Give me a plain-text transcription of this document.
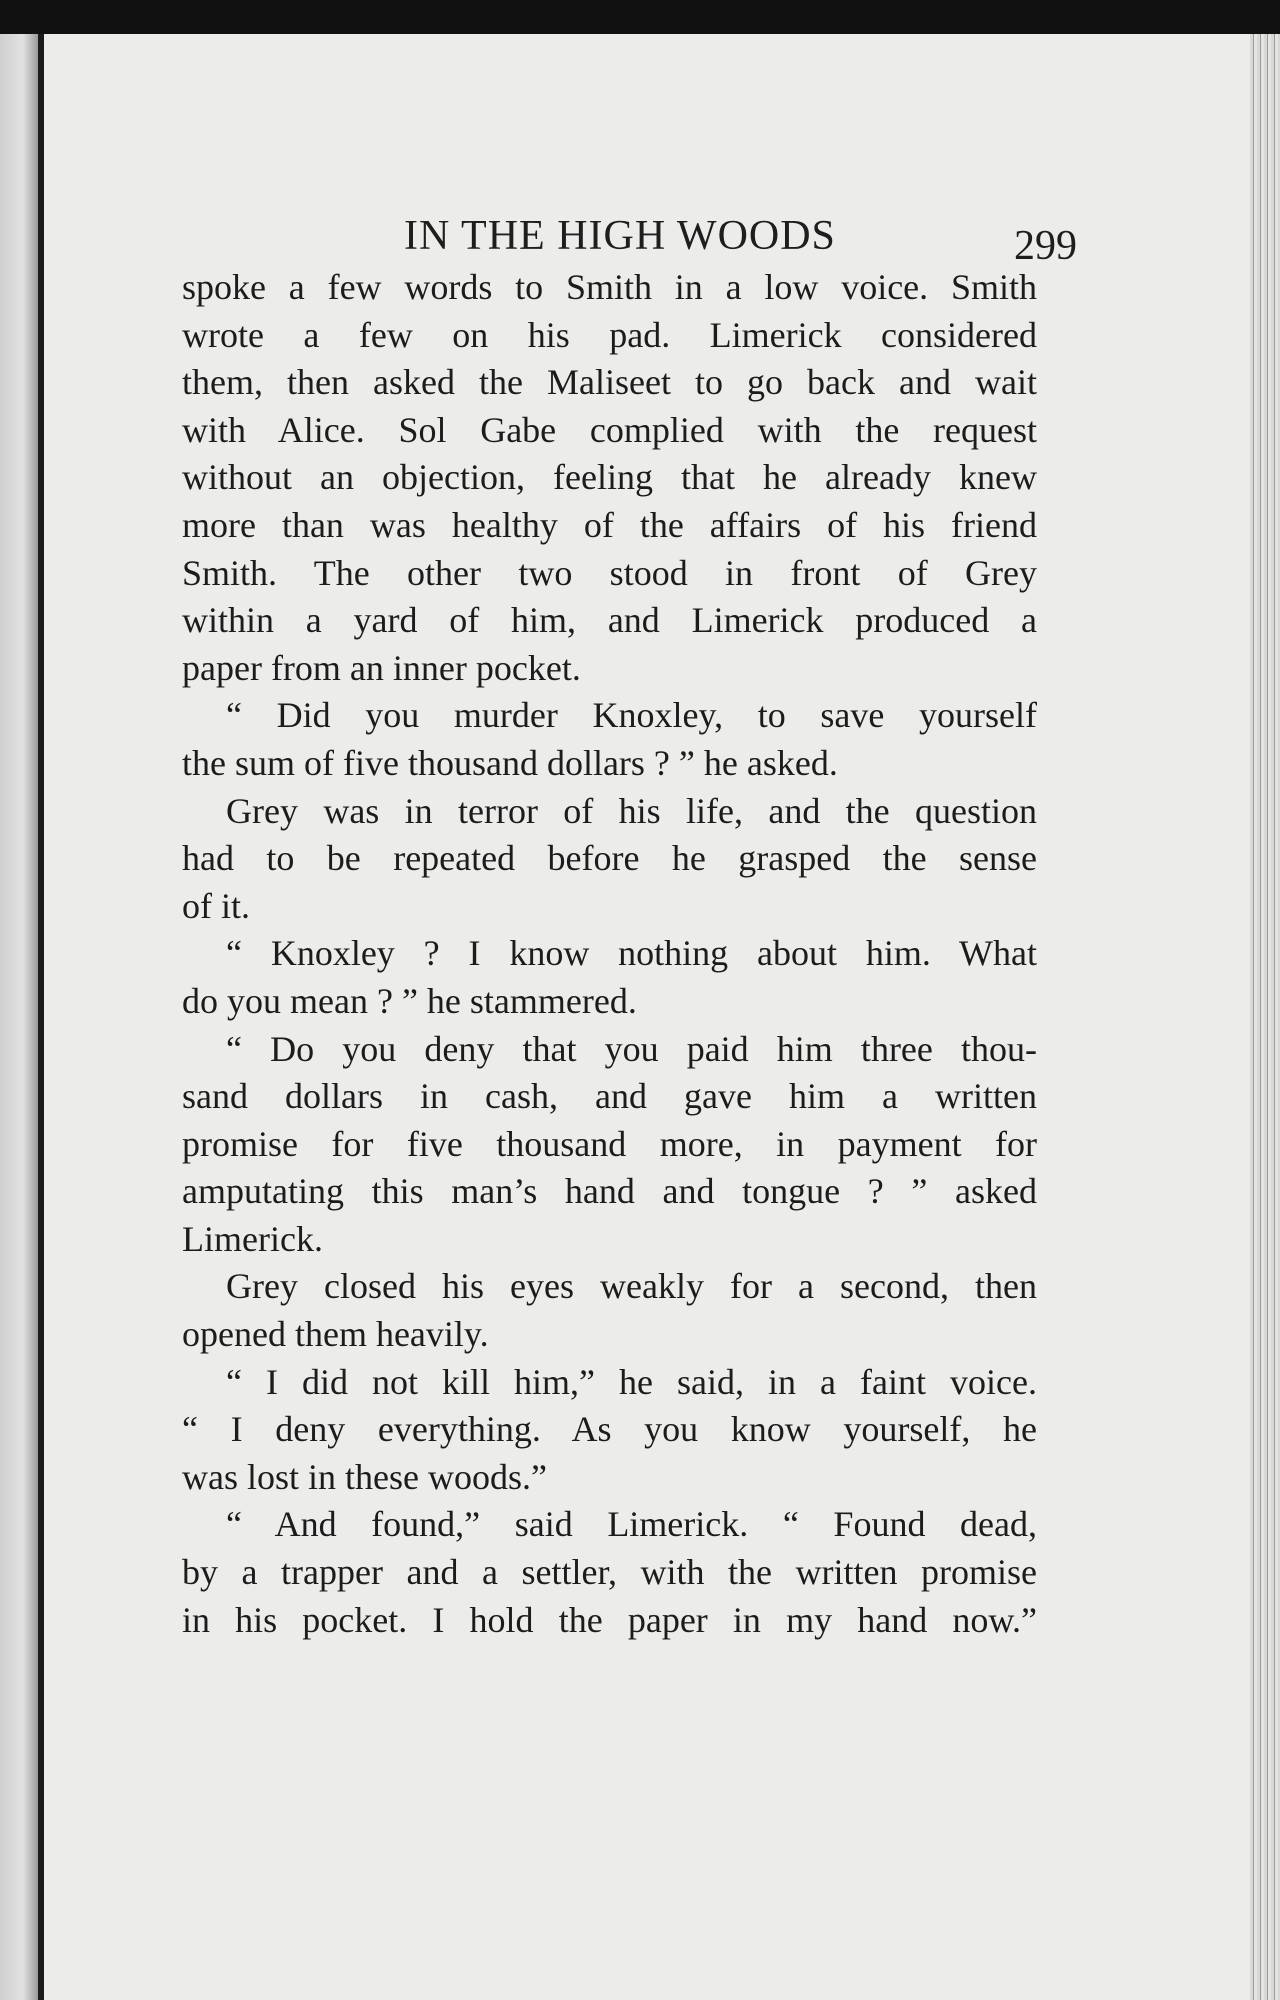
IN THE HIGH WOODS	299
spoke a few words to Smith in a low voice. Smith
wrote a few on his pad. Limerick considered
them, then asked the Maliseet to go back and wait
with Alice. Sol Gabe complied with the request
without an objection, feeling that he already knew
more than was healthy of the affairs of his friend
Smith. The other two stood in front of Grey
within a yard of him, and Limerick produced a
paper from an inner pocket.
“ Did you murder Knoxley, to save yourself
the sum of five thousand dollars ? ” he asked.
Grey was in terror of his life, and the question
had to be repeated before he grasped the sense
of it.
“ Knoxley ? I know nothing about him. What
do you mean ? ” he stammered.
“ Do you deny that you paid him three thou-
sand dollars in cash, and gave him a written
promise for five thousand more, in payment for
amputating this man’s hand and tongue ? ” asked
Limerick.
Grey closed his eyes weakly for a second, then
opened them heavily.
“ I did not kill him,” he said, in a faint voice.
“ I deny everything. As you know yourself, he
was lost in these woods.”
“ And found,” said Limerick. “ Found dead,
by a trapper and a settler, with the written promise
in his pocket. I hold the paper in my hand now.”
